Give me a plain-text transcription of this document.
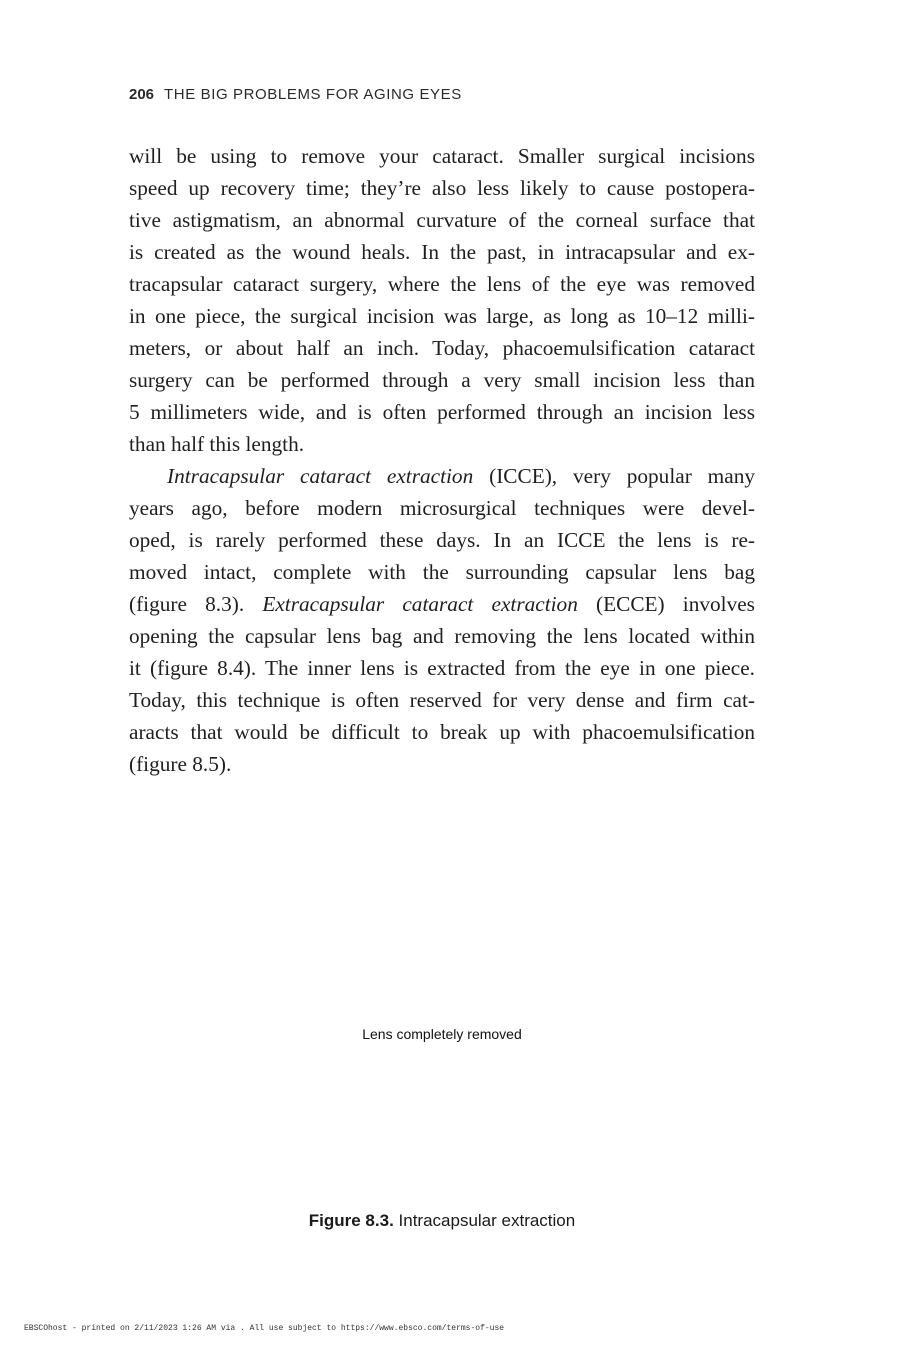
206 THE BIG PROBLEMS FOR AGING EYES
will be using to remove your cataract. Smaller surgical incisions
speed up recovery time; they’re also less likely to cause postopera-
tive astigmatism, an abnormal curvature of the corneal surface that
is created as the wound heals. In the past, in intracapsular and ex-
tracapsular cataract surgery, where the lens of the eye was removed
in one piece, the surgical incision was large, as long as 10–12 milli-
meters, or about half an inch. Today, phacoemulsification cataract
surgery can be performed through a very small incision less than
5 millimeters wide, and is often performed through an incision less
than half this length.
Intracapsular cataract extraction (ICCE), very popular many
years ago, before modern microsurgical techniques were devel-
oped, is rarely performed these days. In an ICCE the lens is re-
moved intact, complete with the surrounding capsular lens bag
(figure 8.3). Extracapsular cataract extraction (ECCE) involves
opening the capsular lens bag and removing the lens located within
it (figure 8.4). The inner lens is extracted from the eye in one piece.
Today, this technique is often reserved for very dense and firm cat-
aracts that would be difficult to break up with phacoemulsification
(figure 8.5).
Lens completely removed
Figure 8.3. Intracapsular extraction
EBSCOhost - printed on 2/11/2023 1:26 AM via . All use subject to https://www.ebsco.com/terms-of-use
